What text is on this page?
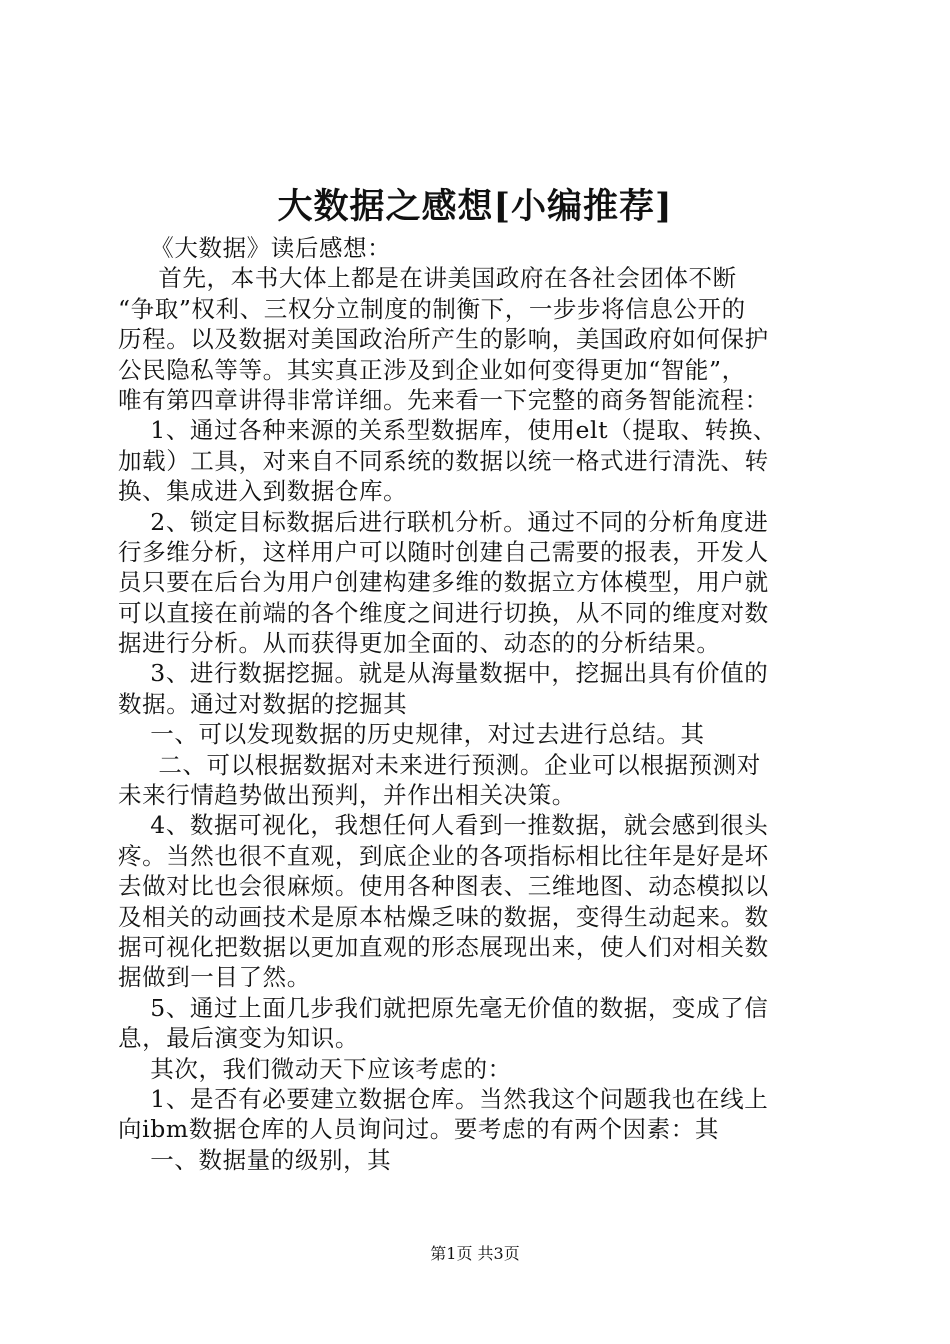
大数据之感想[小编推荐]
《大数据》读后感想：
首先，本书大体上都是在讲美国政府在各社会团体不断
“争取”权利、三权分立制度的制衡下，一步步将信息公开的
历程。以及数据对美国政治所产生的影响，美国政府如何保护
公民隐私等等。其实真正涉及到企业如何变得更加“智能”，
唯有第四章讲得非常详细。先来看一下完整的商务智能流程：
1、通过各种来源的关系型数据库，使用elt（提取、转换、
加载）工具，对来自不同系统的数据以统一格式进行清洗、转
换、集成进入到数据仓库。
2、锁定目标数据后进行联机分析。通过不同的分析角度进
行多维分析，这样用户可以随时创建自己需要的报表，开发人
员只要在后台为用户创建构建多维的数据立方体模型，用户就
可以直接在前端的各个维度之间进行切换，从不同的维度对数
据进行分析。从而获得更加全面的、动态的的分析结果。
3、进行数据挖掘。就是从海量数据中，挖掘出具有价值的
数据。通过对数据的挖掘其
一、可以发现数据的历史规律，对过去进行总结。其
二、可以根据数据对未来进行预测。企业可以根据预测对
未来行情趋势做出预判，并作出相关决策。
4、数据可视化，我想任何人看到一推数据，就会感到很头
疼。当然也很不直观，到底企业的各项指标相比往年是好是坏
去做对比也会很麻烦。使用各种图表、三维地图、动态模拟以
及相关的动画技术是原本枯燥乏味的数据，变得生动起来。数
据可视化把数据以更加直观的形态展现出来，使人们对相关数
据做到一目了然。
5、通过上面几步我们就把原先毫无价值的数据，变成了信
息，最后演变为知识。
其次，我们微动天下应该考虑的：
1、是否有必要建立数据仓库。当然我这个问题我也在线上
向ibm数据仓库的人员询问过。要考虑的有两个因素：其
一、数据量的级别，其
第1页 共3页
